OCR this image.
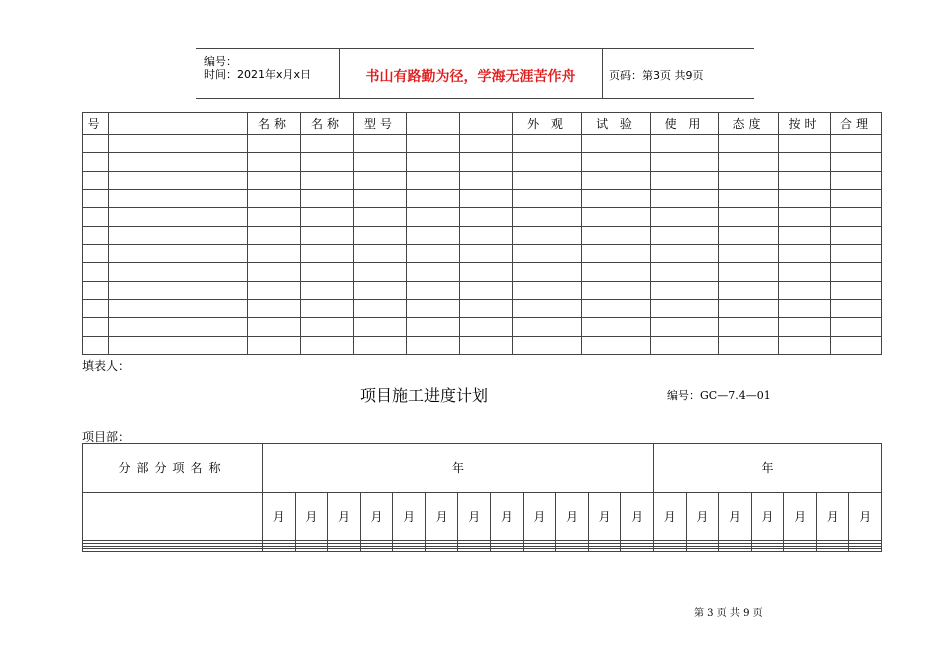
编号：
时间：2021年x月x日	书山有路勤为径，学海无涯苦作舟	页码：第3页 共9页
号		名称	名称	型号			外 观	试 验	使 用	态度	按时	合理

填表人：
项目施工进度计划	编号：GC—7.4—01
项目部：
分部分项名称	年												年						
	月	月	月	月	月	月	月	月	月	月	月	月	月	月	月	月	月	月	月

第 3 页 共 9 页
